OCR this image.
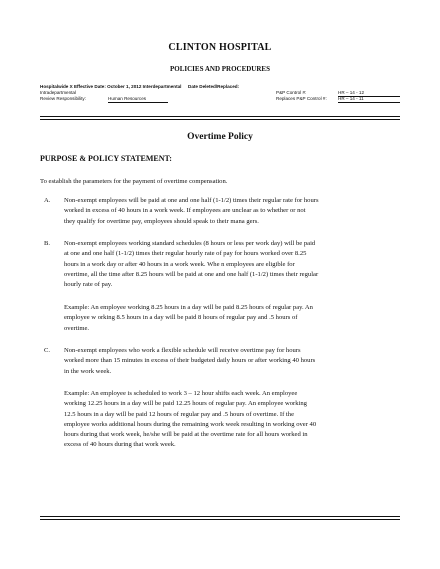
CLINTON HOSPITAL
POLICIES AND PROCEDURES
Hospitalwide X Effective Date: October 1, 2012 Interdepartmental Date Deleted/Replaced:
Intradepartmental	P&P Control #:	HR – 14 - 12
Review Responsibility:	Human Resources	Replaces P&P Control #: HR – 14 - 11
Overtime Policy
PURPOSE & POLICY STATEMENT:
To establish the parameters for the payment of overtime compensation.
A. Non-exempt employees will be paid at one and one half (1-1/2) times their regular rate for hours
worked in excess of 40 hours in a work week. If employees are unclear as to whether or not
they qualify for overtime pay, employees should speak to their mana gers.
B. Non-exempt employees working standard schedules (8 hours or less per work day) will be paid
at one and one half (1-1/2) times their regular hourly rate of pay for hours worked over 8.25
hours in a work day or after 40 hours in a work week. Whe n employees are eligible for
overtime, all the time after 8.25 hours will be paid at one and one half (1-1/2) times their regular
hourly rate of pay.
Example: An employee working 8.25 hours in a day will be paid 8.25 hours of regular pay. An
employee w orking 8.5 hours in a day will be paid 8 hours of regular pay and .5 hours of
overtime.
C. Non-exempt employees who work a flexible schedule will receive overtime pay for hours
worked more than 15 minutes in excess of their budgeted daily hours or after working 40 hours
in the work week.
Example: An employee is scheduled to work 3 – 12 hour shifts each week. An employee
working 12.25 hours in a day will be paid 12.25 hours of regular pay. An employee working
12.5 hours in a day will be paid 12 hours of regular pay and .5 hours of overtime. If the
employee works additional hours during the remaining work week resulting in working over 40
hours during that work week, he/she will be paid at the overtime rate for all hours worked in
excess of 40 hours during that work week.
